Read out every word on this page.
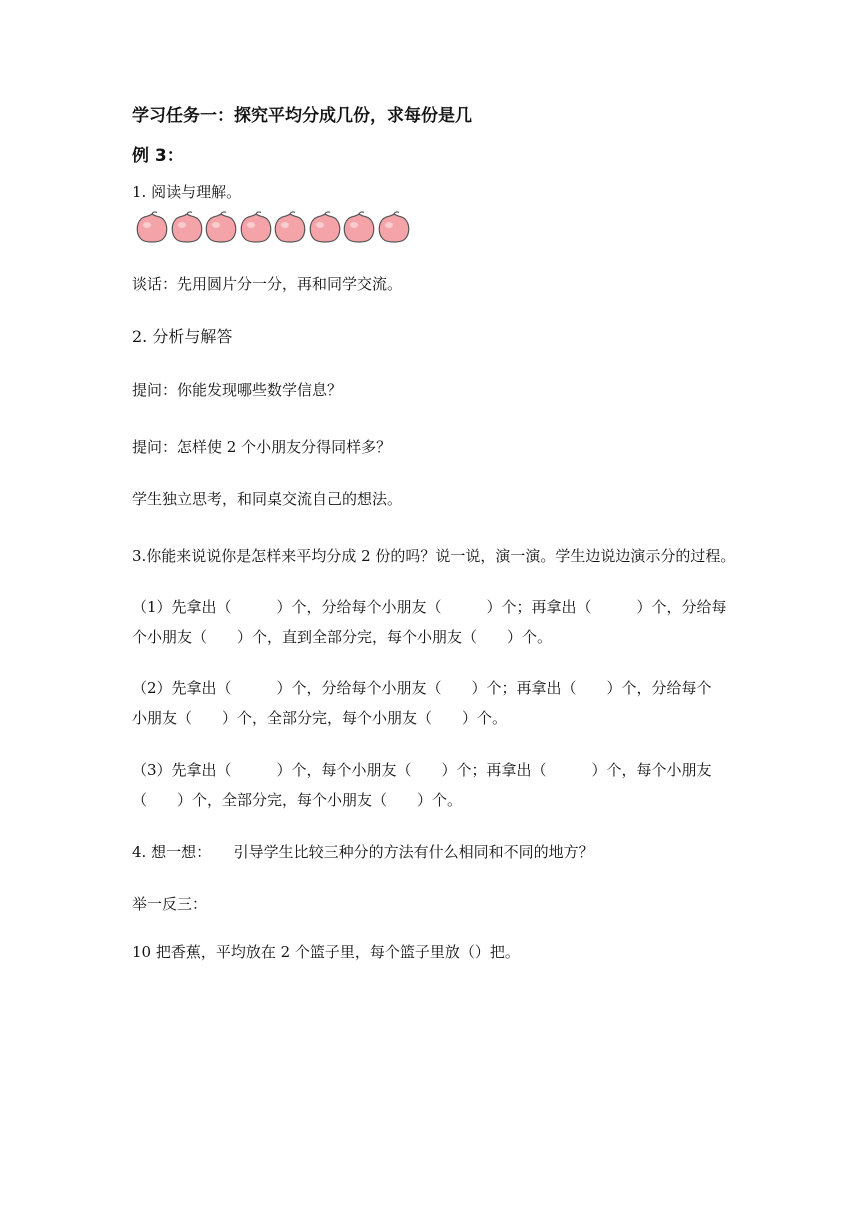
学习任务一：探究平均分成几份，求每份是几
例 3：
1. 阅读与理解。
谈话：先用圆片分一分，再和同学交流。
2. 分析与解答
提问：你能发现哪些数学信息？
提问：怎样使 2 个小朋友分得同样多？
学生独立思考，和同桌交流自己的想法。
3.你能来说说你是怎样来平均分成 2 份的吗？说一说，演一演。学生边说边演示分的过程。
（1）先拿出（　　　）个，分给每个小朋友（　　　）个；再拿出（　　　）个，分给每
个小朋友（　　）个，直到全部分完，每个小朋友（　　）个。
（2）先拿出（　　　）个，分给每个小朋友（　　）个；再拿出（　　）个，分给每个
小朋友（　　）个，全部分完，每个小朋友（　　）个。
（3）先拿出（　　　）个，每个小朋友（　　）个；再拿出（　　　）个，每个小朋友
（　　）个，全部分完，每个小朋友（　　）个。
4. 想一想：　　引导学生比较三种分的方法有什么相同和不同的地方？
举一反三：
10 把香蕉，平均放在 2 个篮子里，每个篮子里放（）把。
